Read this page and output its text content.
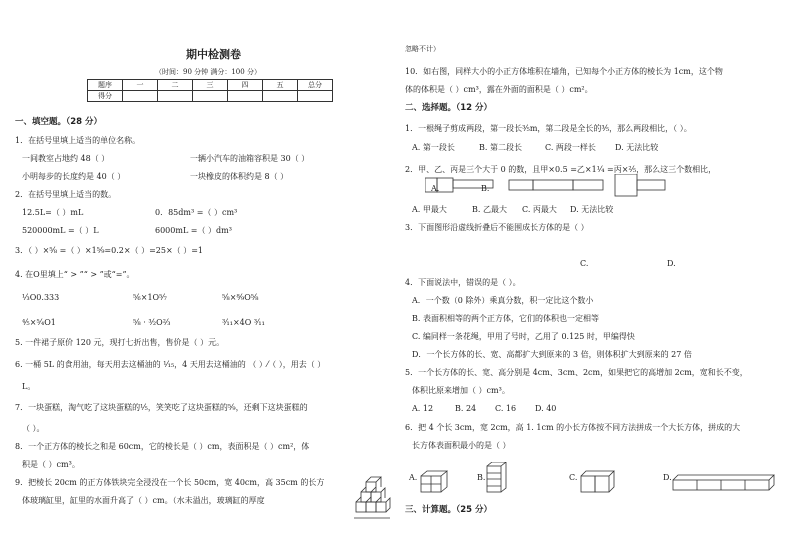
期中检测卷
（时间：90 分钟 满分：100 分）
题序	一	二	三	四	五	总分
得分						
一、填空题。（28 分）
1．在括号里填上适当的单位名称。
一间教室占地约 48（ ）	一辆小汽车的油箱容积是 30（ ）
小明每步的长度约是 40（ ）	一块橡皮的体积约是 8（ ）
2．在括号里填上适当的数。
12.5L=（ ）mL	0．85dm³ =（ ）cm³
520000mL =（ ）L	6000mL =（ ）dm³
3．（ ）×⁵⁄₈ =（ ）×1⁵⁄₉=0.2×（ ）=25×（ ）=1
4. 在O里填上“ > ”“ > ”或“=”。
¹⁄₃O0.333	⁵⁄₆×1O⁵⁄₇	⁵⁄₈×⁸⁄₉O⁵⁄₈
⁴⁄₅×⁵⁄₄O1	⁵⁄₈ · ³⁄₂O²⁄₃	³⁄₁₁×4O ³⁄₁₁
5. 一件裙子原价 120 元，现打七折出售，售价是（ ）元。
6. 一桶 5L 的食用油，每天用去这桶油的 ¹⁄₁₅，4 天用去这桶油的 （ ）⁄（ ），用去（ ）
L。
7．一块蛋糕，淘气吃了这块蛋糕的¹⁄₅，笑笑吃了这块蛋糕的⁵⁄₉，还剩下这块蛋糕的
（ ）。
8．一个正方体的棱长之和是 60cm，它的棱长是（ ）cm，表面积是（ ）cm²，体
积是（ ）cm³。
9．把棱长 20cm 的正方体铁块完全浸没在一个长 50cm，宽 40cm，高 35cm 的长方
体玻璃缸里，缸里的水面升高了（ ）cm。（水未溢出，玻璃缸的厚度
忽略不计）
10．如右图，同样大小的小正方体堆积在墙角，已知每个小正方体的棱长为 1cm，这个物
体的体积是（ ）cm³，露在外面的面积是（ ）cm²。
二、选择题。（12 分）
1．一根绳子剪成两段，第一段长³⁄₅m，第二段是全长的³⁄₅，那么两段相比，（ ）。
A. 第一段长	B. 第二段长	C. 两段一样长 D. 无法比较
2．甲、乙、丙是三个大于 0 的数，且甲×0.5 =乙×1¹⁄₄ =丙×²⁄₅，那么这三个数相比，
A. 甲最大	B. 乙最大 C. 丙最大 D. 无法比较
3．下面图形沿虚线折叠后不能围成长方体的是（ ）
A.	B.
C.	D.
4．下面说法中，错误的是（ ）。
A．一个数（0 除外）乘真分数，积一定比这个数小
B. 表面积相等的两个正方体，它们的体积也一定相等
C. 编同样一条花绳，甲用了号时，乙用了 0.125 时，甲编得快
D．一个长方体的长、宽、高都扩大到原来的 3 倍，则体积扩大到原来的 27 倍
5．一个长方体的长、宽、高分别是 4cm、3cm、2cm，如果把它的高增加 2cm，宽和长不变，
体积比原来增加（ ）cm³。
A. 12	B. 24 C. 16 D. 40
6．把 4 个长 3cm，宽 2cm，高 1. 1cm 的小长方体按不同方法拼成一个大长方体，拼成的大
长方体表面积最小的是（ ）
A.	B.	C.	D.
三、计算题。（25 分）
